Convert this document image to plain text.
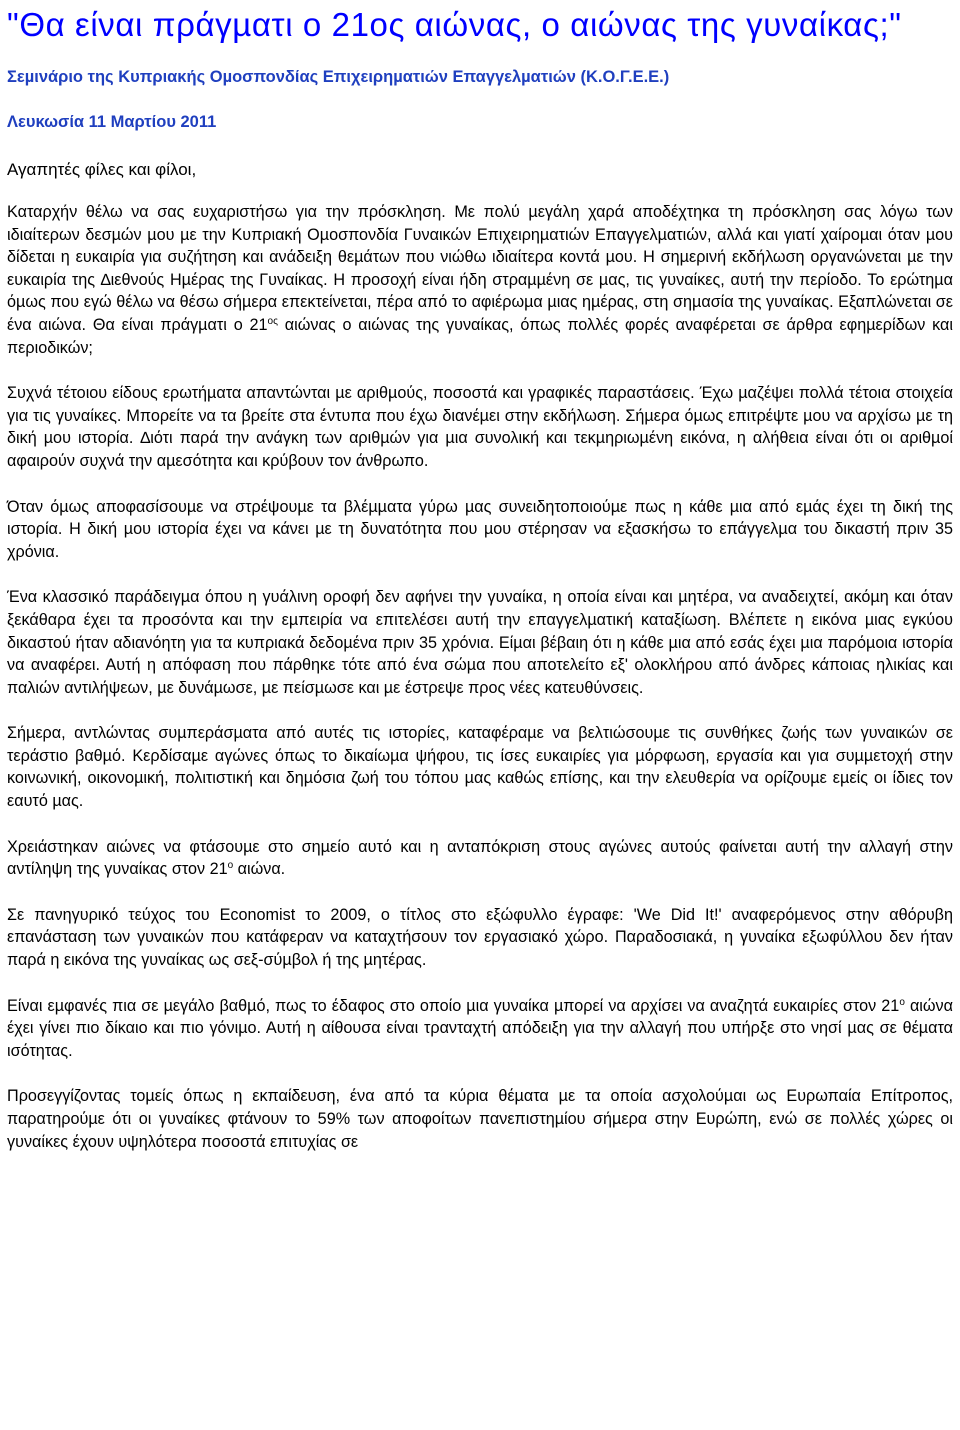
"Θα είναι πράγµατι ο 21ος αιώνας, ο αιώνας της γυναίκας;"
Σεµινάριο της Κυπριακής Οµοσπονδίας Επιχειρηµατιών Επαγγελµατιών (Κ.Ο.Γ.Ε.Ε.)
Λευκωσία 11 Μαρτίου 2011
Αγαπητές φίλες και φίλοι,

Καταρχήν θέλω να σας ευχαριστήσω για την πρόσκληση. Με πολύ µεγάλη χαρά αποδέχτηκα τη πρόσκληση σας λόγω των ιδιαίτερων δεσµών µου µε την Κυπριακή Οµοσπονδία Γυναικών Επιχειρηµατιών Επαγγελµατιών, αλλά και γιατί χαίροµαι όταν µου δίδεται η ευκαιρία για συζήτηση και ανάδειξη θεµάτων που νιώθω ιδιαίτερα κοντά µου. Η σηµερινή εκδήλωση οργανώνεται µε την ευκαιρία της ∆ιεθνούς Ηµέρας της Γυναίκας. Η προσοχή είναι ήδη στραµµένη σε µας, τις γυναίκες, αυτή την περίοδο. Το ερώτηµα όµως που εγώ θέλω να θέσω σήµερα επεκτείνεται, πέρα από το αφιέρωµα µιας ηµέρας, στη σηµασία της γυναίκας. Εξαπλώνεται σε ένα αιώνα. Θα είναι πράγµατι ο $21^{o\varsigma}$ αιώνας ο αιώνας της γυναίκας, όπως πολλές φορές αναφέρεται σε άρθρα εφηµερίδων και περιοδικών;

Συχνά τέτοιου είδους ερωτήµατα απαντώνται µε αριθµούς, ποσοστά και γραφικές παραστάσεις. Έχω µαζέψει πολλά τέτοια στοιχεία για τις γυναίκες. Μπορείτε να τα βρείτε στα έντυπα που έχω διανέµει στην εκδήλωση. Σήµερα όµως επιτρέψτε µου να αρχίσω µε τη δική µου ιστορία. ∆ιότι παρά την ανάγκη των αριθµών για µια συνολική και τεκµηριωµένη εικόνα, η αλήθεια είναι ότι οι αριθµοί αφαιρούν συχνά την αµεσότητα και κρύβουν τον άνθρωπο.

Όταν όµως αποφασίσουµε να στρέψουµε τα βλέµµατα γύρω µας συνειδητοποιούµε πως η κάθε µια από εµάς έχει τη δική της ιστορία. Η δική µου ιστορία έχει να κάνει µε τη δυνατότητα που µου στέρησαν να εξασκήσω το επάγγελµα του δικαστή πριν 35 χρόνια.

Ένα κλασσικό παράδειγµα όπου η γυάλινη οροφή δεν αφήνει την γυναίκα, η οποία είναι και µητέρα, να αναδειχτεί, ακόµη και όταν ξεκάθαρα έχει τα προσόντα και την εµπειρία να επιτελέσει αυτή την επαγγελµατική καταξίωση. Βλέπετε η εικόνα µιας εγκύου δικαστού ήταν αδιανόητη για τα κυπριακά δεδοµένα πριν 35 χρόνια. Είµαι βέβαιη ότι η κάθε µια από εσάς έχει µια παρόµοια ιστορία να αναφέρει. Αυτή η απόφαση που πάρθηκε τότε από ένα σώµα που αποτελείτο εξ' ολοκλήρου από άνδρες κάποιας ηλικίας και παλιών αντιλήψεων, µε δυνάµωσε, µε πείσµωσε και µε έστρεψε προς νέες κατευθύνσεις.

Σήµερα, αντλώντας συµπεράσµατα από αυτές τις ιστορίες, καταφέραµε να βελτιώσουµε τις συνθήκες ζωής των γυναικών σε τεράστιο βαθµό. Κερδίσαµε αγώνες όπως το δικαίωµα ψήφου, τις ίσες ευκαιρίες για µόρφωση, εργασία και για συµµετοχή στην κοινωνική, οικονοµική, πολιτιστική και δηµόσια ζωή του τόπου µας καθώς επίσης, και την ελευθερία να ορίζουµε εµείς οι ίδιες τον εαυτό µας.

Χρειάστηκαν αιώνες να φτάσουµε στο σηµείο αυτό και η ανταπόκριση στους αγώνες αυτούς φαίνεται αυτή την αλλαγή στην αντίληψη της γυναίκας στον $21^o$ αιώνα.

Σε πανηγυρικό τεύχος του Economist το 2009, ο τίτλος στο εξώφυλλο έγραφε: 'We Did It!' αναφερόµενος στην αθόρυβη επανάσταση των γυναικών που κατάφεραν να καταχτήσουν τον εργασιακό χώρο. Παραδοσιακά, η γυναίκα εξωφύλλου δεν ήταν παρά η εικόνα της γυναίκας ως σεξ-σύµβολ ή της µητέρας.

Είναι εµφανές πια σε µεγάλο βαθµό, πως το έδαφος στο οποίο µια γυναίκα µπορεί να αρχίσει να αναζητά ευκαιρίες στον $21^o$ αιώνα έχει γίνει πιο δίκαιο και πιο γόνιµο. Αυτή η αίθουσα είναι τρανταχτή απόδειξη για την αλλαγή που υπήρξε στο νησί µας σε θέµατα ισότητας.

Προσεγγίζοντας τοµείς όπως η εκπαίδευση, ένα από τα κύρια θέµατα µε τα οποία ασχολούµαι ως Ευρωπαία Επίτροπος, παρατηρούµε ότι οι γυναίκες φτάνουν το 59% των αποφοίτων πανεπιστηµίου σήµερα στην Ευρώπη, ενώ σε πολλές χώρες οι γυναίκες έχουν υψηλότερα ποσοστά επιτυχίας σε
